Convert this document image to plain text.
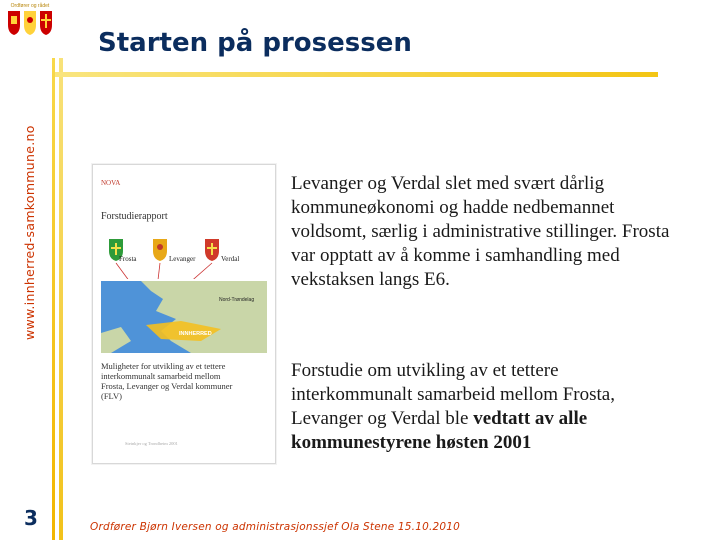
Ordfører og rådet
www.innherred-samkommune.no
Starten på prosessen
NOVA
Forstudierapport
Frosta	Levanger	Verdal
Nord-Trøndelag
INNHERRED
Muligheter for utvikling av et tettere
interkommunalt samarbeid mellom
Frosta, Levanger og Verdal kommuner
(FLV)
Steinkjer og Trondheim 2001

Levanger og Verdal slet med svært dårlig kommuneøkonomi og hadde nedbemannet voldsomt, særlig i administrative stillinger. Frosta var opptatt av å komme i samhandling med vekstaksen langs E6.

Forstudie om utvikling av et tettere interkommunalt samarbeid mellom Frosta, Levanger og Verdal ble vedtatt av alle kommunestyrene høsten 2001

3	Ordfører Bjørn Iversen og administrasjonssjef Ola Stene 15.10.2010
